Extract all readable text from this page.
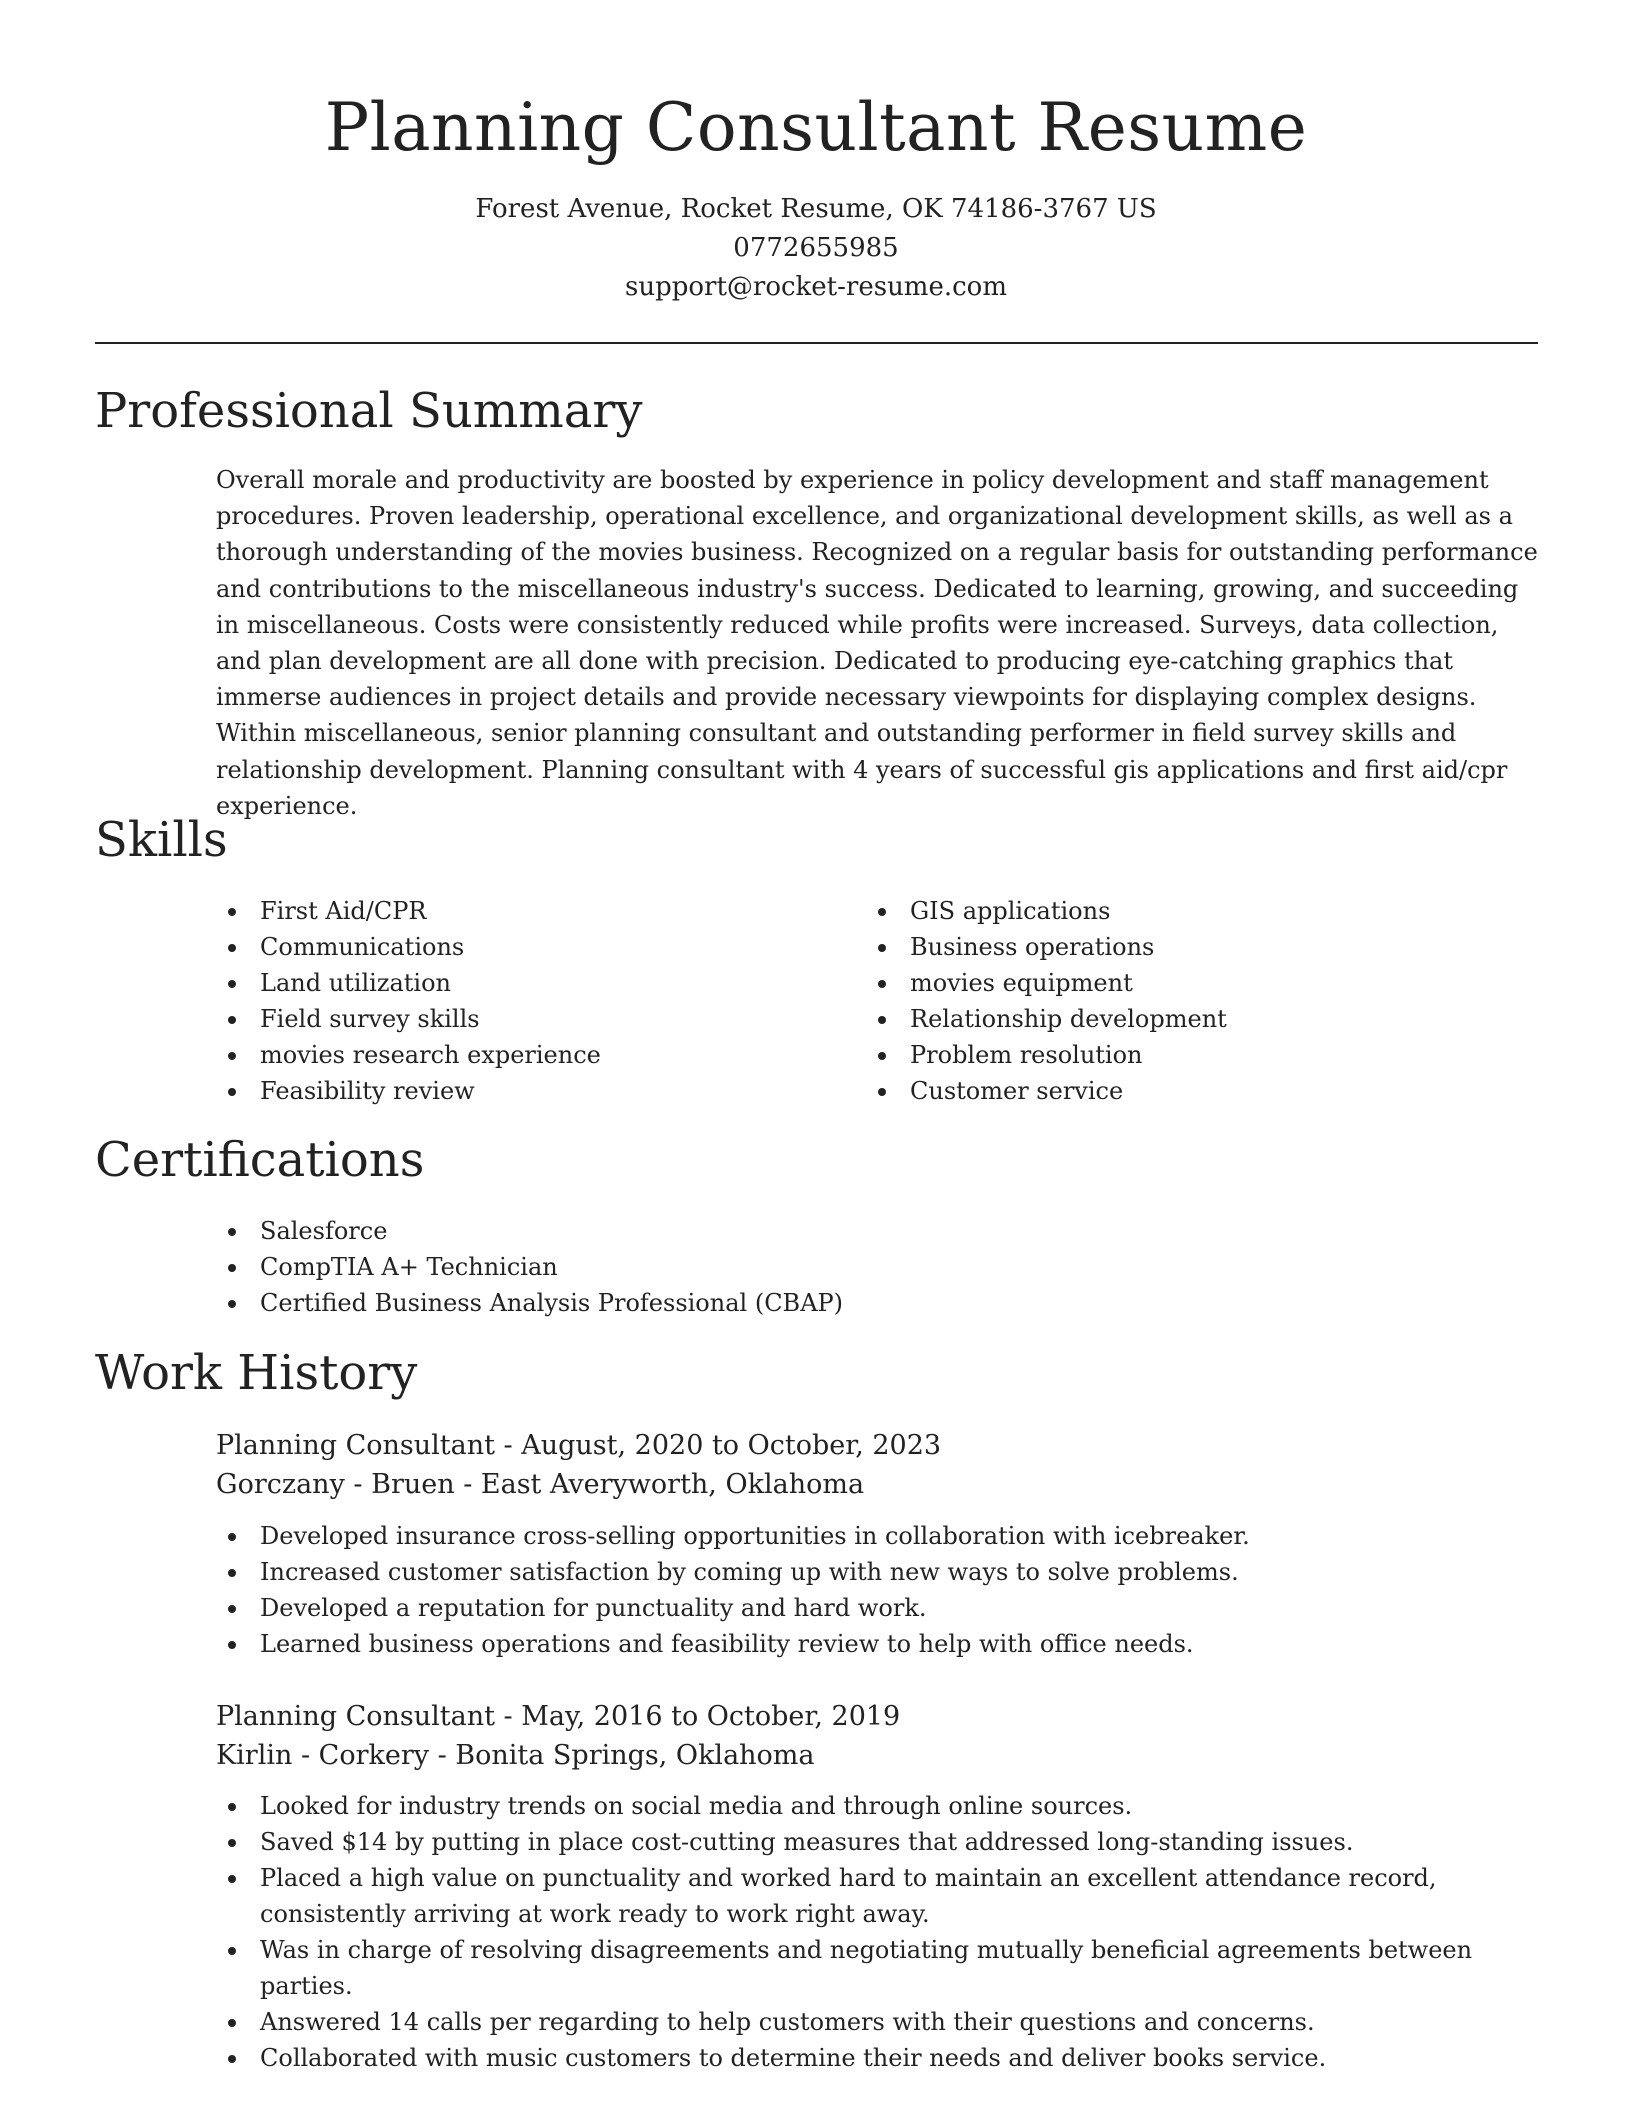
Planning Consultant Resume
Forest Avenue, Rocket Resume, OK 74186-3767 US
0772655985
support@rocket-resume.com
Professional Summary

Overall morale and productivity are boosted by experience in policy development and staff management procedures. Proven leadership, operational excellence, and organizational development skills, as well as a thorough understanding of the movies business. Recognized on a regular basis for outstanding performance and contributions to the miscellaneous industry's success. Dedicated to learning, growing, and succeeding in miscellaneous. Costs were consistently reduced while profits were increased. Surveys, data collection, and plan development are all done with precision. Dedicated to producing eye-catching graphics that immerse audiences in project details and provide necessary viewpoints for displaying complex designs. Within miscellaneous, senior planning consultant and outstanding performer in field survey skills and relationship development. Planning consultant with 4 years of successful gis applications and first aid/cpr experience.

Skills
First Aid/CPR
Communications
Land utilization
Field survey skills
movies research experience
Feasibility review
GIS applications
Business operations
movies equipment
Relationship development
Problem resolution
Customer service
Certifications
Salesforce
CompTIA A+ Technician
Certified Business Analysis Professional (CBAP)
Work History
Planning Consultant - August, 2020 to October, 2023
Gorczany - Bruen - East Averyworth, Oklahoma
Developed insurance cross-selling opportunities in collaboration with icebreaker.
Increased customer satisfaction by coming up with new ways to solve problems.
Developed a reputation for punctuality and hard work.
Learned business operations and feasibility review to help with office needs.
Planning Consultant - May, 2016 to October, 2019
Kirlin - Corkery - Bonita Springs, Oklahoma
Looked for industry trends on social media and through online sources.
Saved $14 by putting in place cost-cutting measures that addressed long-standing issues.
Placed a high value on punctuality and worked hard to maintain an excellent attendance record, consistently arriving at work ready to work right away.
Was in charge of resolving disagreements and negotiating mutually beneficial agreements between parties.
Answered 14 calls per regarding to help customers with their questions and concerns.
Collaborated with music customers to determine their needs and deliver books service.
